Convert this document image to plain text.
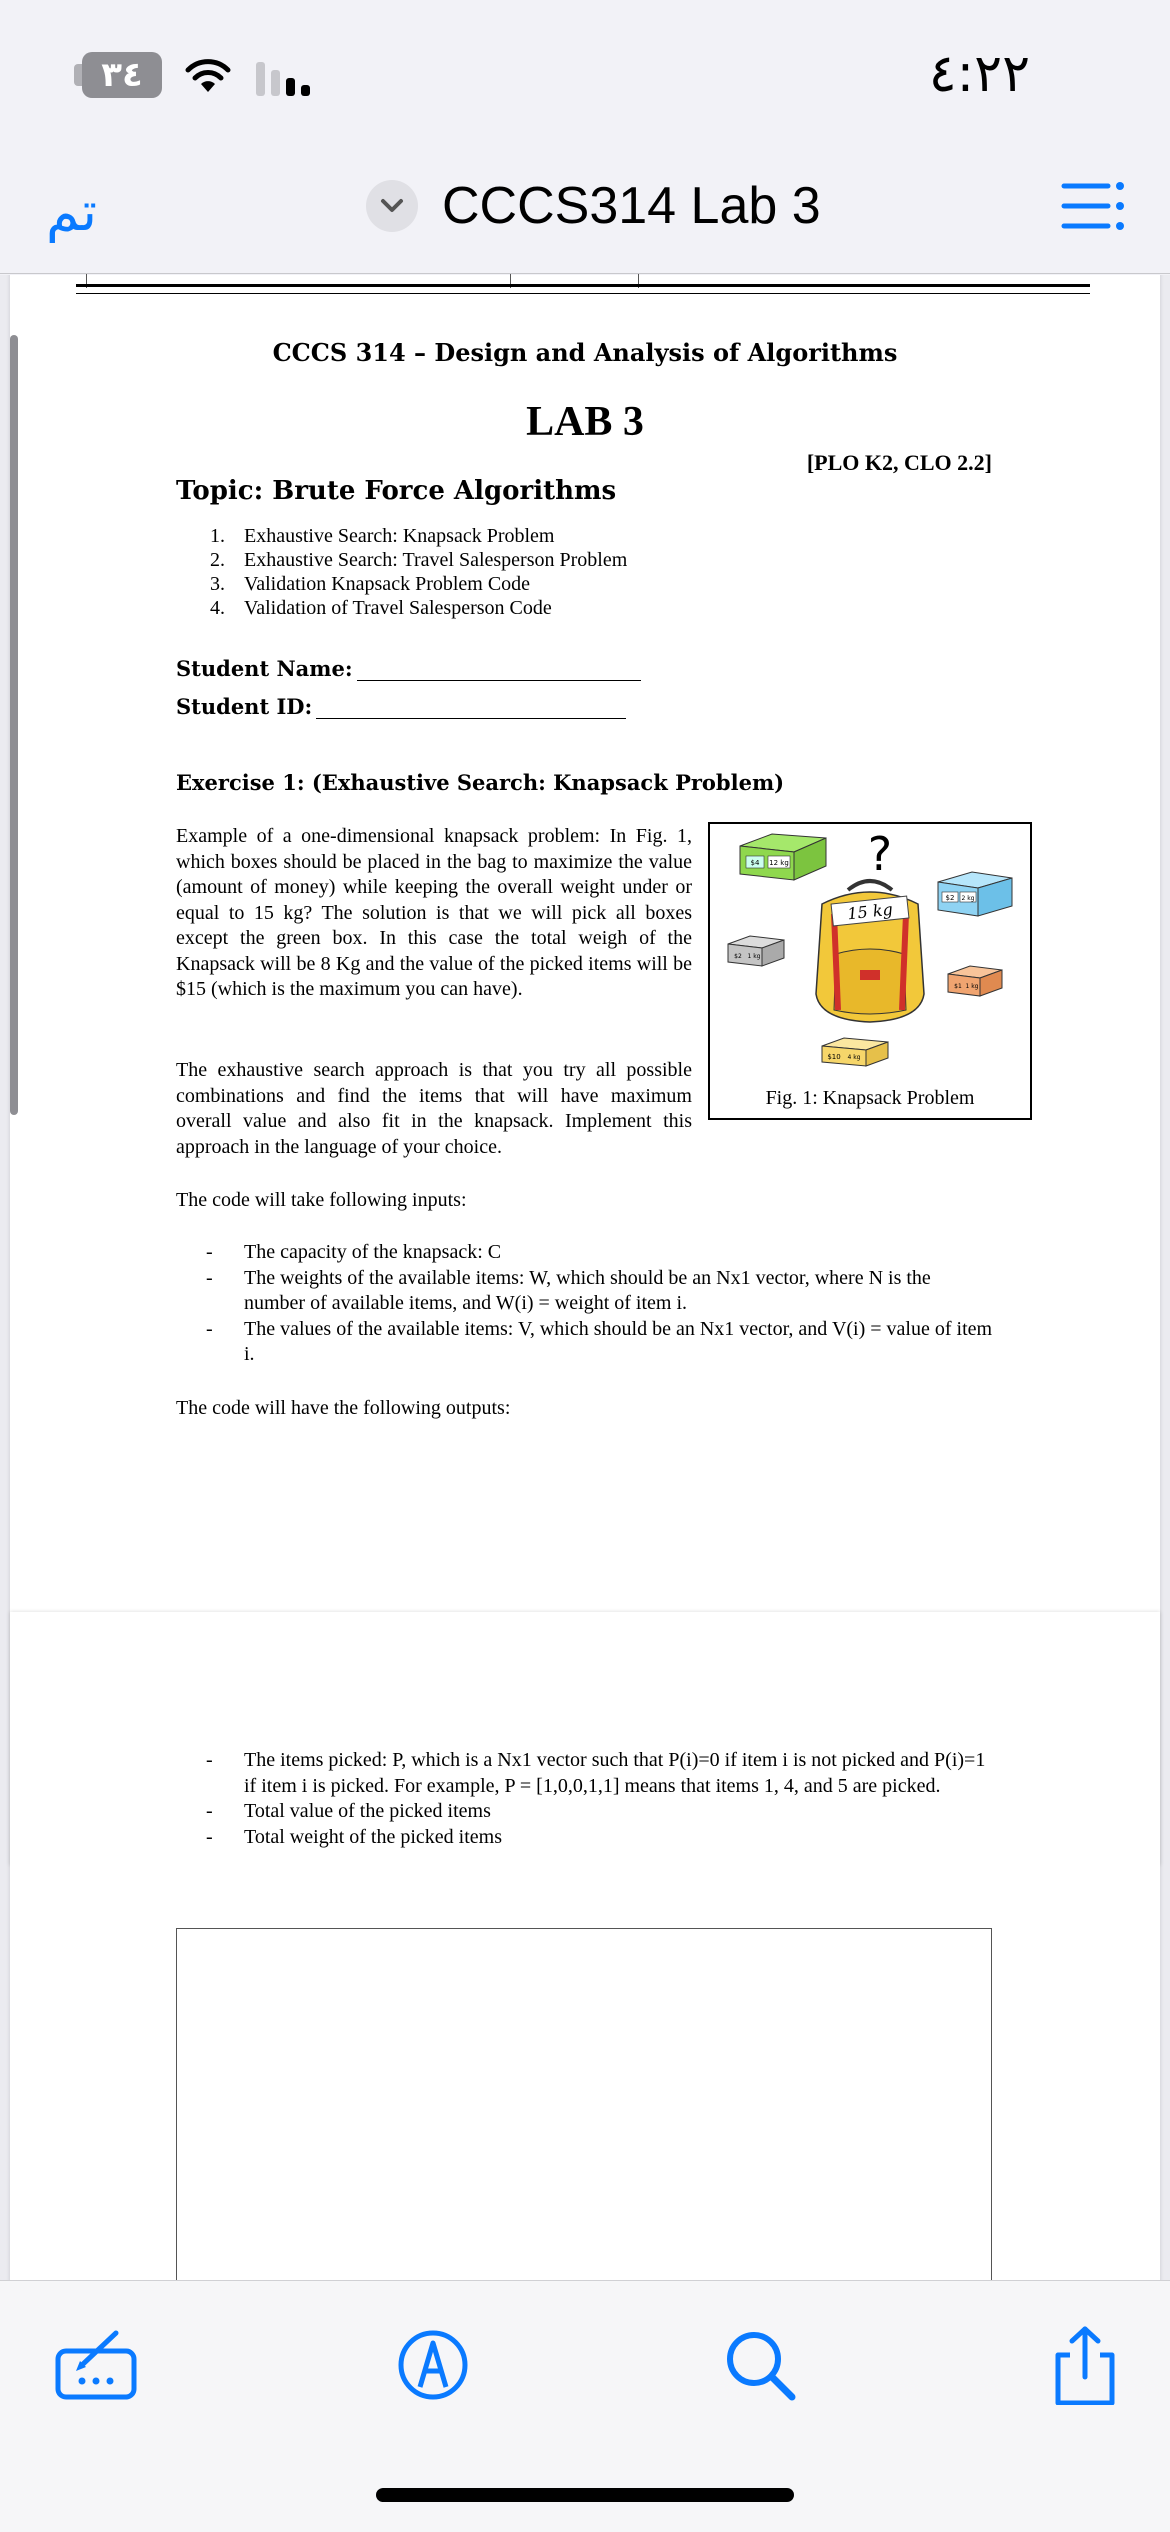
٣٤	٤:٢٢
تم	CCCS314 Lab 3
CCCS 314 – Design and Analysis of Algorithms
LAB 3
[PLO K2, CLO 2.2]
Topic: Brute Force Algorithms
1. Exhaustive Search: Knapsack Problem
2. Exhaustive Search: Travel Salesperson Problem
3. Validation Knapsack Problem Code
4. Validation of Travel Salesperson Code
Student Name:
Student ID:
Exercise 1: (Exhaustive Search: Knapsack Problem)
Example of a one-dimensional knapsack problem: In Fig. 1, which boxes should be placed in the bag to maximize the value (amount of money) while keeping the overall weight under or equal to 15 kg? The solution is that we will pick all boxes except the green box. In this case the total weigh of the Knapsack will be 8 Kg and the value of the picked items will be $15 (which is the maximum you can have).
The exhaustive search approach is that you try all possible combinations and find the items that will have maximum overall value and also fit in the knapsack. Implement this approach in the language of your choice.
$4 12 kg ?
15 kg
$2 2 kg
$2 1 kg
$1 1 kg
$10 4 kg
Fig. 1: Knapsack Problem
The code will take following inputs:
- The capacity of the knapsack: C
- The weights of the available items: W, which should be an Nx1 vector, where N is the number of available items, and W(i) = weight of item i.
- The values of the available items: V, which should be an Nx1 vector, and V(i) = value of item i.
The code will have the following outputs:
- The items picked: P, which is a Nx1 vector such that P(i)=0 if item i is not picked and P(i)=1 if item i is picked. For example, P = [1,0,0,1,1] means that items 1, 4, and 5 are picked.
- Total value of the picked items
- Total weight of the picked items
